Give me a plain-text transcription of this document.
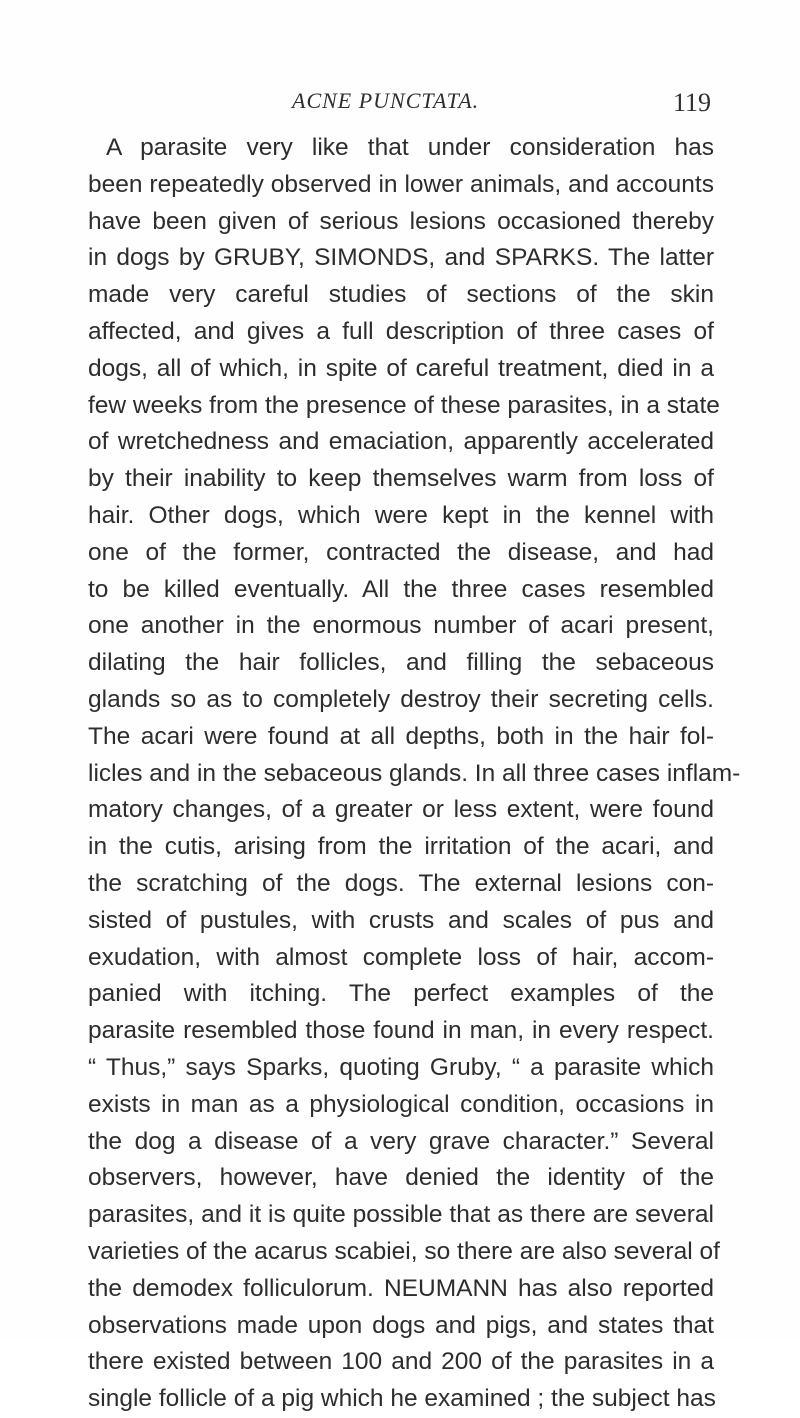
ACNE PUNCTATA.	119
A parasite very like that under consideration has
been repeatedly observed in lower animals, and accounts
have been given of serious lesions occasioned thereby
in dogs by GRUBY, SIMONDS, and SPARKS. The latter
made very careful studies of sections of the skin
affected, and gives a full description of three cases of
dogs, all of which, in spite of careful treatment, died in a
few weeks from the presence of these parasites, in a state
of wretchedness and emaciation, apparently accelerated
by their inability to keep themselves warm from loss of
hair. Other dogs, which were kept in the kennel with
one of the former, contracted the disease, and had
to be killed eventually. All the three cases resembled
one another in the enormous number of acari present,
dilating the hair follicles, and filling the sebaceous
glands so as to completely destroy their secreting cells.
The acari were found at all depths, both in the hair fol-
licles and in the sebaceous glands. In all three cases inflam-
matory changes, of a greater or less extent, were found
in the cutis, arising from the irritation of the acari, and
the scratching of the dogs. The external lesions con-
sisted of pustules, with crusts and scales of pus and
exudation, with almost complete loss of hair, accom-
panied with itching. The perfect examples of the
parasite resembled those found in man, in every respect.
“ Thus,” says Sparks, quoting Gruby, “ a parasite which
exists in man as a physiological condition, occasions in
the dog a disease of a very grave character.” Several
observers, however, have denied the identity of the
parasites, and it is quite possible that as there are several
varieties of the acarus scabiei, so there are also several of
the demodex folliculorum. NEUMANN has also reported
observations made upon dogs and pigs, and states that
there existed between 100 and 200 of the parasites in a
single follicle of a pig which he examined ; the subject has
